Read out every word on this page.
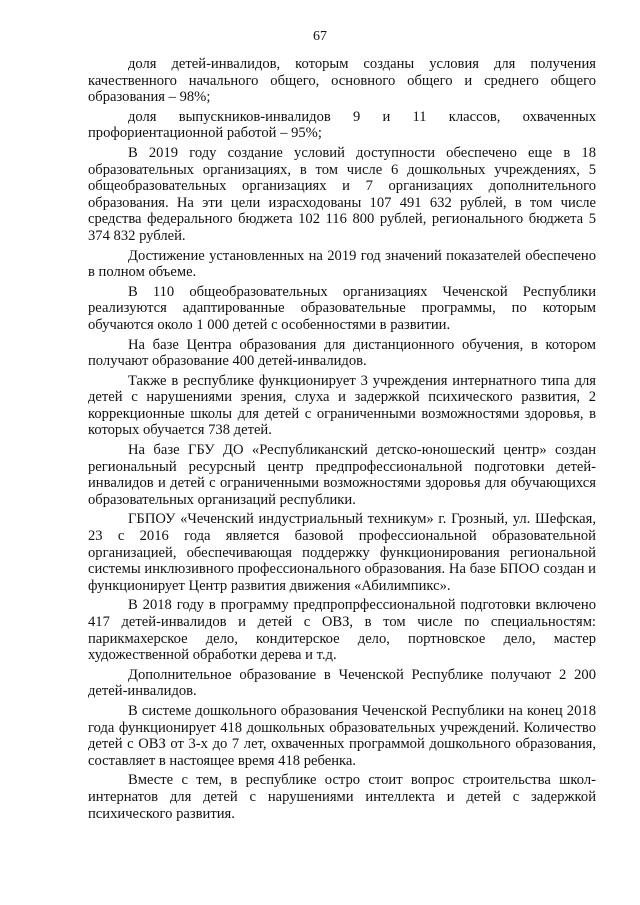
67

доля детей-инвалидов, которым созданы условия для получения качественного начального общего, основного общего и среднего общего образования – 98%;

доля выпускников-инвалидов 9 и 11 классов, охваченных профориентационной работой – 95%;

В 2019 году создание условий доступности обеспечено еще в 18 образовательных организациях, в том числе 6 дошкольных учреждениях, 5 общеобразовательных организациях и 7 организациях дополнительного образования. На эти цели израсходованы 107 491 632 рублей, в том числе средства федерального бюджета 102 116 800 рублей, регионального бюджета 5 374 832 рублей.

Достижение установленных на 2019 год значений показателей обеспечено в полном объеме.

В 110 общеобразовательных организациях Чеченской Республики реализуются адаптированные образовательные программы, по которым обучаются около 1 000 детей с особенностями в развитии.

На базе Центра образования для дистанционного обучения, в котором получают образование 400 детей-инвалидов.

Также в республике функционирует 3 учреждения интернатного типа для детей с нарушениями зрения, слуха и задержкой психического развития, 2 коррекционные школы для детей с ограниченными возможностями здоровья, в которых обучается 738 детей.

На базе ГБУ ДО «Республиканский детско-юношеский центр» создан региональный ресурсный центр предпрофессиональной подготовки детей-инвалидов и детей с ограниченными возможностями здоровья для обучающихся образовательных организаций республики.

ГБПОУ «Чеченский индустриальный техникум» г. Грозный, ул. Шефская, 23 с 2016 года является базовой профессиональной образовательной организацией, обеспечивающая поддержку функционирования региональной системы инклюзивного профессионального образования. На базе БПОО создан и функционирует Центр развития движения «Абилимпикс».

В 2018 году в программу предпропрфессиональной подготовки включено 417 детей-инвалидов и детей с ОВЗ, в том числе по специальностям: парикмахерское дело, кондитерское дело, портновское дело, мастер художественной обработки дерева и т.д.

Дополнительное образование в Чеченской Республике получают 2 200 детей-инвалидов.

В системе дошкольного образования Чеченской Республики на конец 2018 года функционирует 418 дошкольных образовательных учреждений. Количество детей с ОВЗ от 3-х до 7 лет, охваченных программой дошкольного образования, составляет в настоящее время 418 ребенка.

Вместе с тем, в республике остро стоит вопрос строительства школ-интернатов для детей с нарушениями интеллекта и детей с задержкой психического развития.
